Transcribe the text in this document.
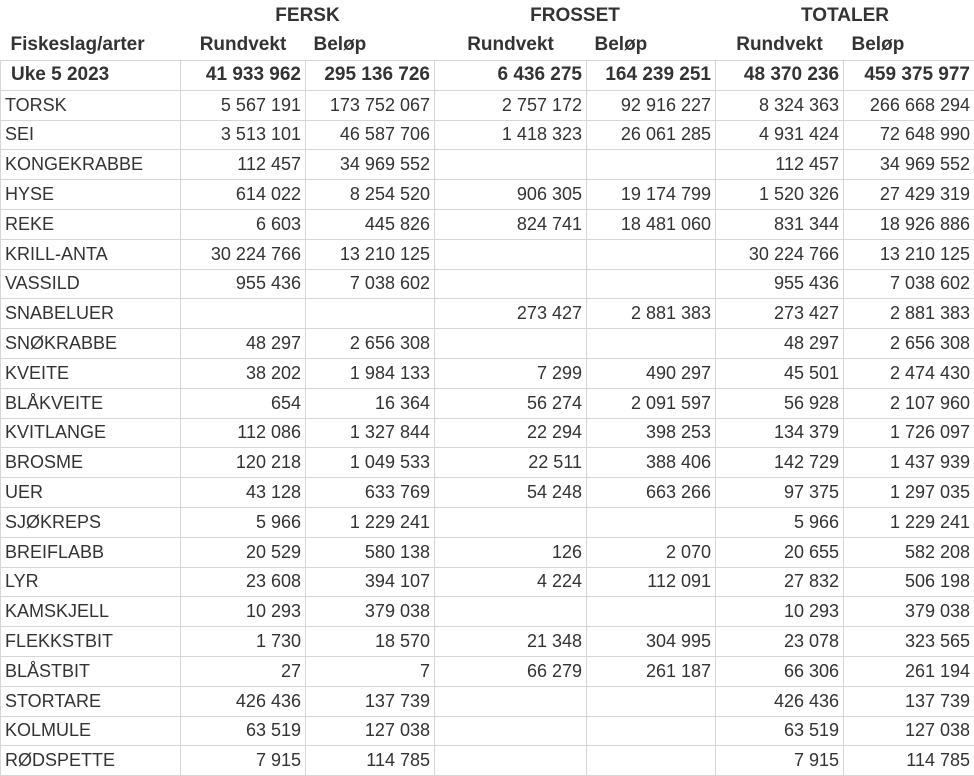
	FERSK		FROSSET		TOTALER	
Fiskeslag/arter	Rundvekt	Beløp	Rundvekt	Beløp	Rundvekt	Beløp
Uke 5 2023	41 933 962	295 136 726	6 436 275	164 239 251	48 370 236	459 375 977
TORSK	5 567 191	173 752 067	2 757 172	92 916 227	8 324 363	266 668 294
SEI	3 513 101	46 587 706	1 418 323	26 061 285	4 931 424	72 648 990
KONGEKRABBE	112 457	34 969 552			112 457	34 969 552
HYSE	614 022	8 254 520	906 305	19 174 799	1 520 326	27 429 319
REKE	6 603	445 826	824 741	18 481 060	831 344	18 926 886
KRILL-ANTA	30 224 766	13 210 125			30 224 766	13 210 125
VASSILD	955 436	7 038 602			955 436	7 038 602
SNABELUER			273 427	2 881 383	273 427	2 881 383
SNØKRABBE	48 297	2 656 308			48 297	2 656 308
KVEITE	38 202	1 984 133	7 299	490 297	45 501	2 474 430
BLÅKVEITE	654	16 364	56 274	2 091 597	56 928	2 107 960
KVITLANGE	112 086	1 327 844	22 294	398 253	134 379	1 726 097
BROSME	120 218	1 049 533	22 511	388 406	142 729	1 437 939
UER	43 128	633 769	54 248	663 266	97 375	1 297 035
SJØKREPS	5 966	1 229 241			5 966	1 229 241
BREIFLABB	20 529	580 138	126	2 070	20 655	582 208
LYR	23 608	394 107	4 224	112 091	27 832	506 198
KAMSKJELL	10 293	379 038			10 293	379 038
FLEKKSTBIT	1 730	18 570	21 348	304 995	23 078	323 565
BLÅSTBIT	27	7	66 279	261 187	66 306	261 194
STORTARE	426 436	137 739			426 436	137 739
KOLMULE	63 519	127 038			63 519	127 038
RØDSPETTE	7 915	114 785			7 915	114 785
